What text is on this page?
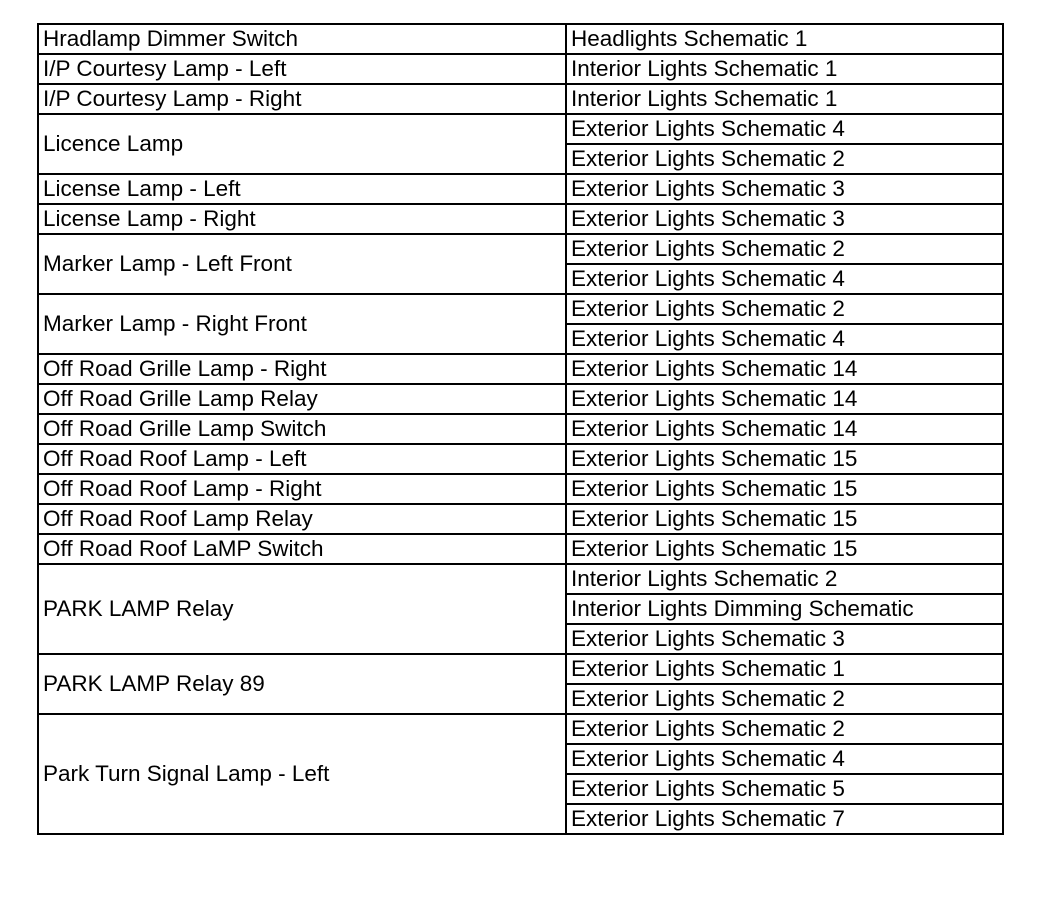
Hradlamp Dimmer Switch	Headlights Schematic 1
I/P Courtesy Lamp - Left	Interior Lights Schematic 1
I/P Courtesy Lamp - Right	Interior Lights Schematic 1
Licence Lamp	Exterior Lights Schematic 4
	Exterior Lights Schematic 2
License Lamp - Left	Exterior Lights Schematic 3
License Lamp - Right	Exterior Lights Schematic 3
Marker Lamp - Left Front	Exterior Lights Schematic 2
	Exterior Lights Schematic 4
Marker Lamp - Right Front	Exterior Lights Schematic 2
	Exterior Lights Schematic 4
Off Road Grille Lamp - Right	Exterior Lights Schematic 14
Off Road Grille Lamp Relay	Exterior Lights Schematic 14
Off Road Grille Lamp Switch	Exterior Lights Schematic 14
Off Road Roof Lamp - Left	Exterior Lights Schematic 15
Off Road Roof Lamp - Right	Exterior Lights Schematic 15
Off Road Roof Lamp Relay	Exterior Lights Schematic 15
Off Road Roof LaMP Switch	Exterior Lights Schematic 15
PARK LAMP Relay	Interior Lights Schematic 2
	Interior Lights Dimming Schematic
	Exterior Lights Schematic 3
PARK LAMP Relay 89	Exterior Lights Schematic 1
	Exterior Lights Schematic 2
Park Turn Signal Lamp - Left	Exterior Lights Schematic 2
	Exterior Lights Schematic 4
	Exterior Lights Schematic 5
	Exterior Lights Schematic 7
